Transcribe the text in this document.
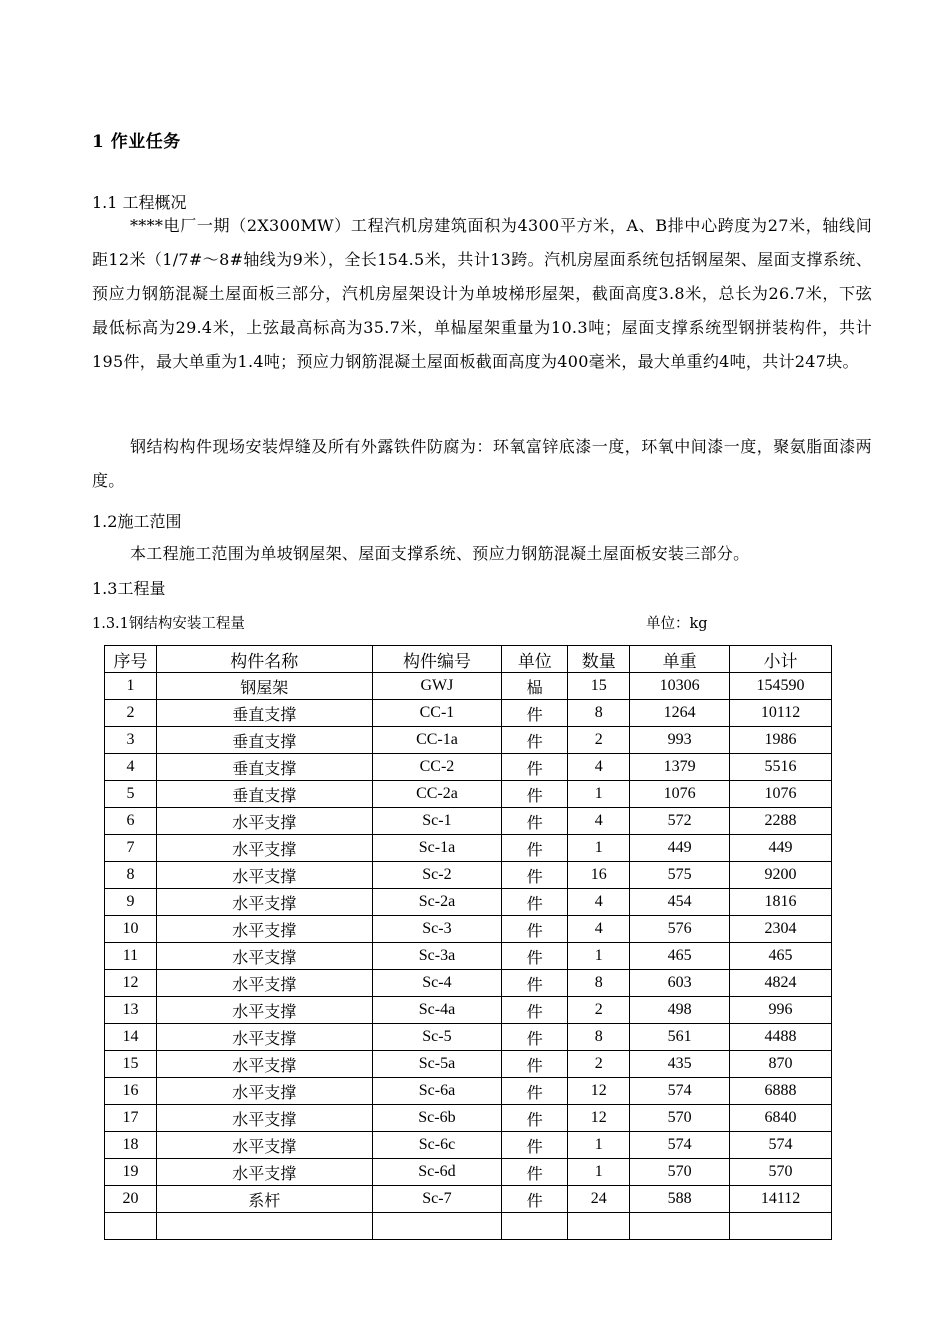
1 作业任务
1.1 工程概况
****电厂一期（2X300MW）工程汽机房建筑面积为4300平方米，A、B排中心跨度为27米，轴线间距12米（1/7#～8#轴线为9米），全长154.5米，共计13跨。汽机房屋面系统包括钢屋架、屋面支撑系统、预应力钢筋混凝土屋面板三部分，汽机房屋架设计为单坡梯形屋架，截面高度3.8米，总长为26.7米，下弦最低标高为29.4米，上弦最高标高为35.7米，单榀屋架重量为10.3吨；屋面支撑系统型钢拼装构件，共计195件，最大单重为1.4吨；预应力钢筋混凝土屋面板截面高度为400毫米，最大单重约4吨，共计247块。
钢结构构件现场安装焊缝及所有外露铁件防腐为：环氧富锌底漆一度，环氧中间漆一度，聚氨脂面漆两度。
1.2施工范围
本工程施工范围为单坡钢屋架、屋面支撑系统、预应力钢筋混凝土屋面板安装三部分。
1.3工程量
1.3.1钢结构安装工程量	单位：kg
序号	构件名称	构件编号	单位	数量	单重	小计
1	钢屋架	GWJ	榀	15	10306	154590
2	垂直支撑	CC-1	件	8	1264	10112
3	垂直支撑	CC-1a	件	2	993	1986
4	垂直支撑	CC-2	件	4	1379	5516
5	垂直支撑	CC-2a	件	1	1076	1076
6	水平支撑	Sc-1	件	4	572	2288
7	水平支撑	Sc-1a	件	1	449	449
8	水平支撑	Sc-2	件	16	575	9200
9	水平支撑	Sc-2a	件	4	454	1816
10	水平支撑	Sc-3	件	4	576	2304
11	水平支撑	Sc-3a	件	1	465	465
12	水平支撑	Sc-4	件	8	603	4824
13	水平支撑	Sc-4a	件	2	498	996
14	水平支撑	Sc-5	件	8	561	4488
15	水平支撑	Sc-5a	件	2	435	870
16	水平支撑	Sc-6a	件	12	574	6888
17	水平支撑	Sc-6b	件	12	570	6840
18	水平支撑	Sc-6c	件	1	574	574
19	水平支撑	Sc-6d	件	1	570	570
20	系杆	Sc-7	件	24	588	14112
